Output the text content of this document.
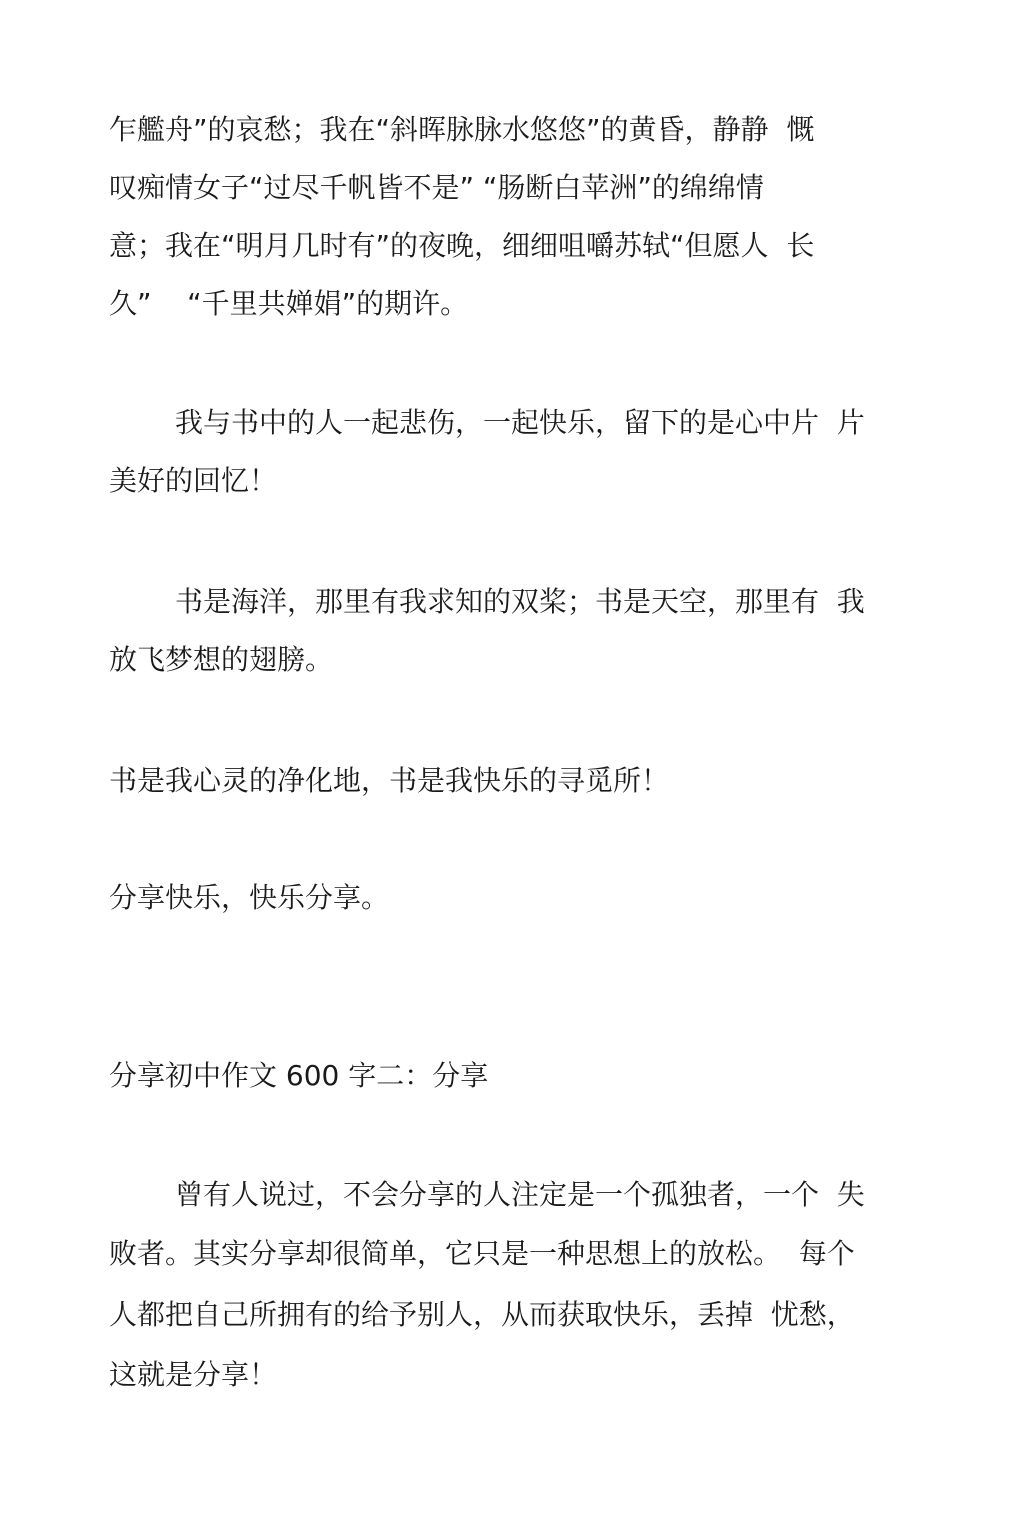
乍艦舟”的哀愁；我在“斜晖脉脉水悠悠”的黄昏，静静  慨
叹痴情女子“过尽千帆皆不是” “肠断白苹洲”的绵绵情
意；我在“明月几时有”的夜晚，细细咀嚼苏轼“但愿人  长
久”    “千里共婵娟”的期许。
我与书中的人一起悲伤，一起快乐，留下的是心中片  片
美好的回忆！
书是海洋，那里有我求知的双桨；书是天空，那里有  我
放飞梦想的翅膀。
书是我心灵的净化地，书是我快乐的寻觅所！
分享快乐，快乐分享。
分享初中作文 600 字二：分享
曾有人说过，不会分享的人注定是一个孤独者，一个  失
败者。其实分享却很简单，它只是一种思想上的放松。  每个
人都把自己所拥有的给予别人，从而获取快乐，丢掉  忧愁，
这就是分享！
